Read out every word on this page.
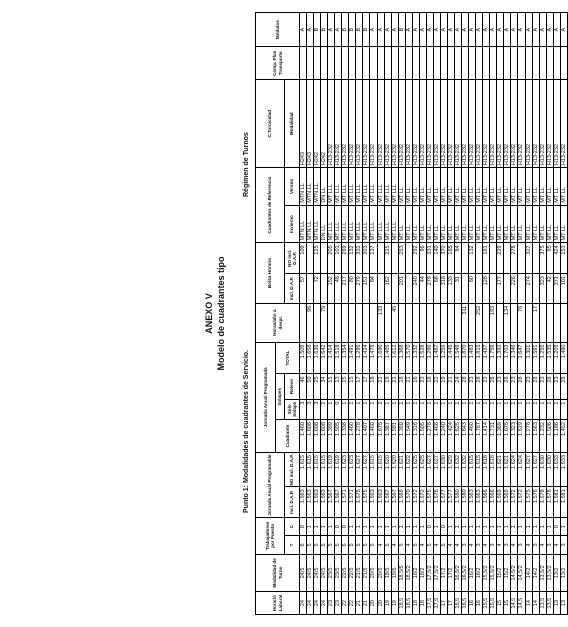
ANEXO V Modelo de cuadrantes tipo
Punto 1: Modalidades de cuadrantes de Servicio.
Régimen de Turnos
Horario Laboral	Modalidad de Turno	Trabajadores por Puesto		Jornada Anual Programable		Jornada Anual Programada				Horas/año a despr.	Bolsa Horaria		Cuadrantes de Referencia		C.Turnicidad	Comp. Plus Transporte	Módulos
						Cuadrante	Solapes		TOTAL								
		T	C	Incl. D.A.P.	NO incl. D.A.P.		Sólo Solape	Relevo			Incl. D.A.P.	NO incl. D.A.P.	Invierno	Verano	Modalidad		
24	24/5	6	0	1.563	1.615	1.460	3	46	1.509		57	109	MTN LL	MTN LL	H243		A
24	24/5	5	1	1.563	1.615	1.608	3	50	1.658	96			MTN LL	MTN LL	H243		A
24	24/5	5	1	1.563	1.615	1.608	3	25	1.636		72	125	MTN LL	MTN LL	H242		B
24	24/5	5	1	1.563	1.615	1.608	2	34	1.642	79			DN LL	DN LL	H242		B
23	23/5	5	1	1.567	1.619	1.399	1	15	1.414		152	205	MT LLL	MT LLL	H13-232		A
23	23/5	5	0	1.567	1.619	1.505	0	13	1.518		48	101	MT LLL	MT LLL	H13-232		A
22	22/5	6	0	1.571	1.623	1.338	1	15	1.354		217	269	MT LLL	MT LLL	H13-232		B
22	22/5	5	1	1.571	1.623	1.460	1	15	1.491		80	132	MT LLL	MT LLL	H13-232		B
21	21/5	5	1	1.575	1.627	1.278	1	17	1.296		279	331	MT LLL	MT LLL	H13-232		B
21	21/5	5	1	1.575	1.627	1.407	1	17	1.424		151	203	MT LLL	MT LLL	H13-232		B
20	20/5	5	1	1.563	1.615	1.460	1	18	1.478		84	137	MT LLL	MT LLL	H13-232		A
20	20/5	4	1	1.563	1.615	1.675	2	21	1.696	133			MT LLL	MT LLL	H13-232		A
19	19/5	5	1	1.567	1.620	1.387	1	18	1.405		162	215	MT LLL	MT LLL	H13-232		A
19	19/5	4	1	1.567	1.620	1.591	1	21	1.612	45			MT LLL	MT LLL	H13-232		A
18,5	18,5/5	5	1	1.569	1.621	1.350	1	18	1.368		201	253	MT LL	MT LL	H13-232		B
18,5	18,5/2	4	1	1.570	1.622	1.549	1	21	1.570				MT LL	MT LL	H13-232		A
18	18/2	5	1	1.572	1.625	1.316	1	16	1.332		240	292	MT LL	MT LL	H13-232		A
18	18/2	4	1	1.572	1.625	1.505	1	23	1.528		44	96	MT LL	MT LL	H13-232		A
17,5	17,5/2	5	0	1.575	1.627	1.278	1	18	1.296		279	331	MT LL	MT LL	H13-232		A
17,5	17,5/2	4	1	1.575	1.627	1.466	1	22	1.487		88	140	MT LL	MT LL	H13-232		A
17	17/2	5	0	1.577	1.630	1.240	1	19	1.259		318	370	MT LL	MT LL	H13-232		A
17	17/2	4	1	1.577	1.629	1.424	1	21	1.445		133	185	MT LL	MT LL	H13-232		A
16,5	16,5/2	4	1	1.580	1.632	1.525	1	24	1.549		31	84	MT LL	MT LL	H13-232		A
16,5	16,5/2	3	1	1.580	1.632	1.843	1	28	1.870	311			MT LL	MT LL	H13-232		A
16	16/2	4	1	1.563	1.615	1.460	1	23	1.483		80	132	MT LL	MT LL	H13-232		A
16	16/2	3	1	1.563	1.615	1.787	1	28	1.815	252			MT LL	MT LL	H13-232		A
15,5	15,5/2	4	1	1.566	1.618	1.414	1	23	1.437		128	181	MT LL	MT LL	H13-232		A
15,5	15,5/2	3	1	1.566	1.618	1.731	1	28	1.759	193			MT LL	MT LL	H13-232		A
15	15/2	4	1	1.569	1.621	1.369	1	23	1.392		177	229	MT LL	MT LL	H13-232		A
15	15/2	3	1	1.569	1.621	1.675	1	28	1.703	134			MT LL	MT LL	H13-232		A
14,5	14,5/2	4	1	1.572	1.624	1.323	1	23	1.346		226	278	MT LL	MT LL	H13-232		A
14,5	14,5/2	3	1	1.572	1.624	1.619	1	28	1.647	76			MT LL	MT LL	H13-232		A
14	14/2	4	1	1.575	1.627	1.278	1	23	1.301		274	327	MT LL	MT LL	H13-232		A
14	14/2	3	1	1.576	1.627	1.563	1	28	1.591	17			MT LL	MT LL	H13-232		A
13,5	13,5/2	4	1	1.578	1.630	1.232	1	23	1.255		323	375	MT LL	MT LL	H13-232		A
13,5	13,5/2	3	1	1.578	1.630	1.506	1	28	1.535		42	95	MT LL	MT LL	H13-232		A
13	13/2	4	0	1.581	1.633	1.186	1	23	1.209		371	424	MT LL	MT LL	H13-232		A
13	13/2	3	1	1.581	1.633	1.452	1	28	1.480		101	153	MT LL	MT LL	H13-232		A
